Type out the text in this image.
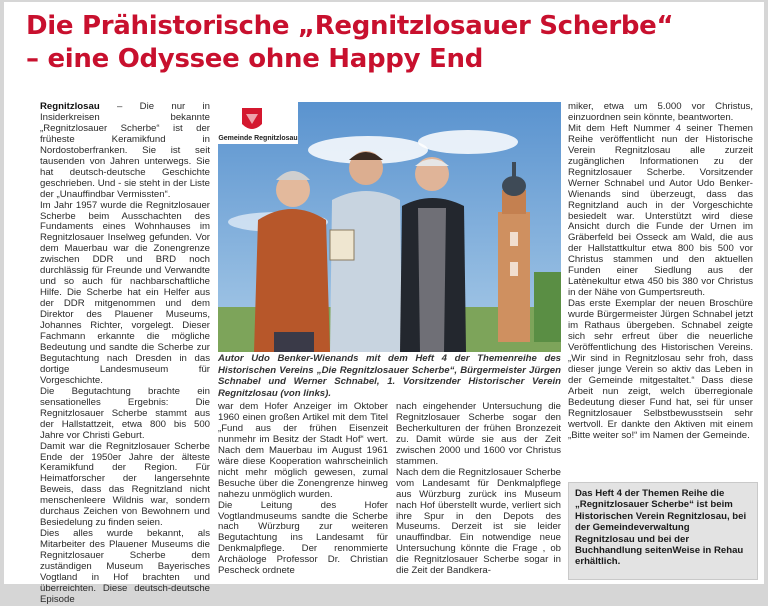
Die Prähistorische „Regnitzlosauer Scherbe“
– eine Odyssee ohne Happy End

Regnitzlosau – Die nur in Insiderkreisen bekannte „Regnitzlosauer Scherbe“ ist der früheste Keramikfund in Nordostoberfranken. Sie ist seit tausenden von Jahren unterwegs. Sie hat deutsch-deutsche Geschichte geschrieben. Und - sie steht in der Liste der „Unauffindbar Vermissten“.

Im Jahr 1957 wurde die Regnitzlosauer Scherbe beim Ausschachten des Fundaments eines Wohnhauses im Regnitzlosauer Inselweg gefunden. Vor dem Mauerbau war die Zonengrenze zwischen DDR und BRD noch durchlässig für Freunde und Verwandte und so auch für nachbarschaftliche Hilfe. Die Scherbe hat ein Helfer aus der DDR mitgenommen und dem Direktor des Plauener Museums, Johannes Richter, vorgelegt. Dieser Fachmann erkannte die mögliche Bedeutung und sandte die Scherbe zur Begutachtung nach Dresden in das dortige Landesmuseum für Vorgeschichte.

Die Begutachtung brachte ein sensationelles Ergebnis: Die Regnitzlosauer Scherbe stammt aus der Hallstattzeit, etwa 800 bis 500 Jahre vor Christi Geburt.

Damit war die Regnitzlosauer Scherbe Ende der 1950er Jahre der älteste Keramikfund der Region. Für Heimatforscher der langersehnte Beweis, dass das Regnitzland nicht menschenleere Wildnis war, sondern durchaus Zeichen von Bewohnern und Besiedelung zu finden seien.

Dies alles wurde bekannt, als Mitarbeiter des Plauener Museums die Regnitzlosauer Scherbe dem zuständigen Museum Bayerisches Vogtland in Hof brachten und überreichten. Diese deutsch-deutsche Episode

Gemeinde Regnitzlosau

Autor Udo Benker-Wienands mit dem Heft 4 der Themenreihe des Historischen Vereins „Die Regnitzlosauer Scherbe“, Bürgermeister Jürgen Schnabel und Werner Schnabel, 1. Vorsitzender Historischer Verein Regnitzlosau (von links).

war dem Hofer Anzeiger im Oktober 1960 einen großen Artikel mit dem Titel „Fund aus der frühen Eisenzeit nunmehr im Besitz der Stadt Hof“ wert. Nach dem Mauerbau im August 1961 wäre diese Kooperation wahrscheinlich nicht mehr möglich gewesen, zumal Besuche über die Zonengrenze hinweg nahezu unmöglich wurden.

Die Leitung des Hofer Vogtlandmuseums sandte die Scherbe nach Würzburg zur weiteren Begutachtung ins Landesamt für Denkmalpflege. Der renommierte Archäologe Professor Dr. Christian Pescheck ordnete

nach eingehender Untersuchung die Regnitzlosauer Scherbe sogar den Becherkulturen der frühen Bronzezeit zu. Damit würde sie aus der Zeit zwischen 2000 und 1600 vor Christus stammen.

Nach dem die Regnitzlosauer Scherbe vom Landesamt für Denkmalpflege aus Würzburg zurück ins Museum nach Hof überstellt wurde, verliert sich ihre Spur in den Depots des Museums. Derzeit ist sie leider unauffindbar. Ein notwendige neue Untersuchung könnte die Frage , ob die Regnitzlosauer Scherbe sogar in die Zeit der Bandkera-

miker, etwa um 5.000 vor Christus, einzuordnen sein könnte, beantworten.

Mit dem Heft Nummer 4 seiner Themen Reihe veröffentlicht nun der Historische Verein Regnitzlosau alle zurzeit zugänglichen Informationen zu der Regnitzlosauer Scherbe. Vorsitzender Werner Schnabel und Autor Udo Benker-Wienands sind überzeugt, dass das Regnitzland auch in der Vorgeschichte besiedelt war. Unterstützt wird diese Ansicht durch die Funde der Urnen im Gräberfeld bei Osseck am Wald, die aus der Hallstattkultur etwa 800 bis 500 vor Christus stammen und den aktuellen Funden einer Siedlung aus der Latènekultur etwa 450 bis 380 vor Christus in der Nähe von Gumpertsreuth.

Das erste Exemplar der neuen Broschüre wurde Bürgermeister Jürgen Schnabel jetzt im Rathaus übergeben. Schnabel zeigte sich sehr erfreut über die neuerliche Veröffentlichung des Historischen Vereins. „Wir sind in Regnitzlosau sehr froh, dass dieser junge Verein so aktiv das Leben in der Gemeinde mitgestaltet.“ Dass diese Arbeit nun zeigt, welch überregionale Bedeutung dieser Fund hat, sei für unser Regnitzlosauer Selbstbewusstsein sehr wertvoll. Er dankte den Aktiven mit einem „Bitte weiter so!“ im Namen der Gemeinde.

Das Heft 4 der Themen Reihe die „Regnitzlosauer Scherbe“ ist beim Historischen Verein Regnitzlosau, bei der Gemeindeverwaltung Regnitzlosau und bei der Buchhandlung seitenWeise in Rehau erhältlich.
